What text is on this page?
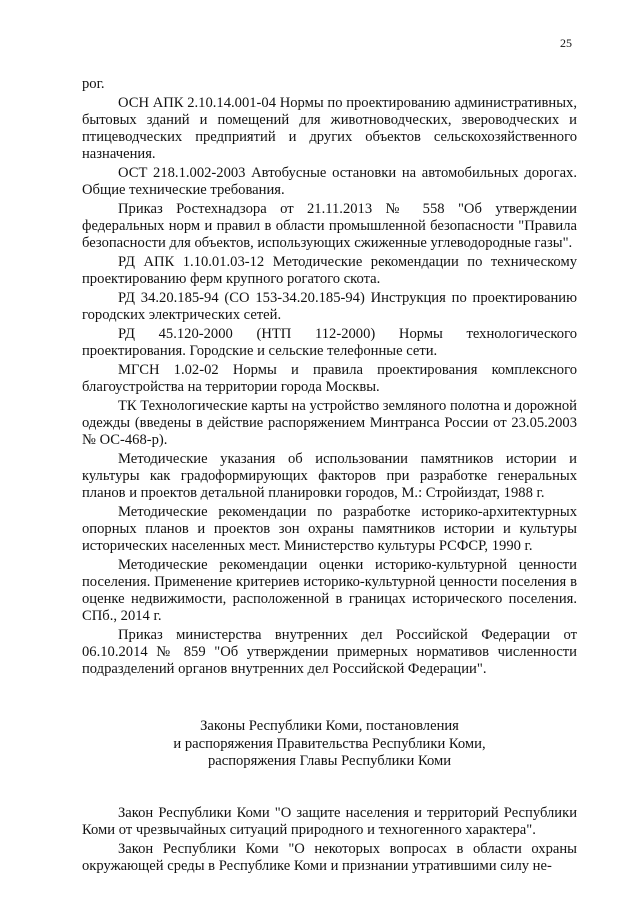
25

рог.

ОСН АПК 2.10.14.001-04 Нормы по проектированию административных, бытовых зданий и помещений для животноводческих, звероводческих и птицеводческих предприятий и других объектов сельскохозяйственного назначения.

ОСТ 218.1.002-2003 Автобусные остановки на автомобильных дорогах. Общие технические требования.

Приказ Ростехнадзора от 21.11.2013 № 558 "Об утверждении федеральных норм и правил в области промышленной безопасности "Правила безопасности для объектов, использующих сжиженные углеводородные газы".

РД АПК 1.10.01.03-12 Методические рекомендации по техническому проектированию ферм крупного рогатого скота.

РД 34.20.185-94 (СО 153-34.20.185-94) Инструкция по проектированию городских электрических сетей.

РД 45.120-2000 (НТП 112-2000) Нормы технологического проектирования. Городские и сельские телефонные сети.

МГСН 1.02-02 Нормы и правила проектирования комплексного благоустройства на территории города Москвы.

ТК Технологические карты на устройство земляного полотна и дорожной одежды (введены в действие распоряжением Минтранса России от 23.05.2003 № ОС-468-р).

Методические указания об использовании памятников истории и культуры как градоформирующих факторов при разработке генеральных планов и проектов детальной планировки городов, М.: Стройиздат, 1988 г.

Методические рекомендации по разработке историко-архитектурных опорных планов и проектов зон охраны памятников истории и культуры исторических населенных мест. Министерство культуры РСФСР, 1990 г.

Методические рекомендации оценки историко-культурной ценности поселения. Применение критериев историко-культурной ценности поселения в оценке недвижимости, расположенной в границах исторического поселения. СПб., 2014 г.

Приказ министерства внутренних дел Российской Федерации от 06.10.2014 № 859 "Об утверждении примерных нормативов численности подразделений органов внутренних дел Российской Федерации".

Законы Республики Коми, постановления
и распоряжения Правительства Республики Коми,
распоряжения Главы Республики Коми

Закон Республики Коми "О защите населения и территорий Республики Коми от чрезвычайных ситуаций природного и техногенного характера".

Закон Республики Коми "О некоторых вопросах в области охраны окружающей среды в Республике Коми и признании утратившими силу не-
